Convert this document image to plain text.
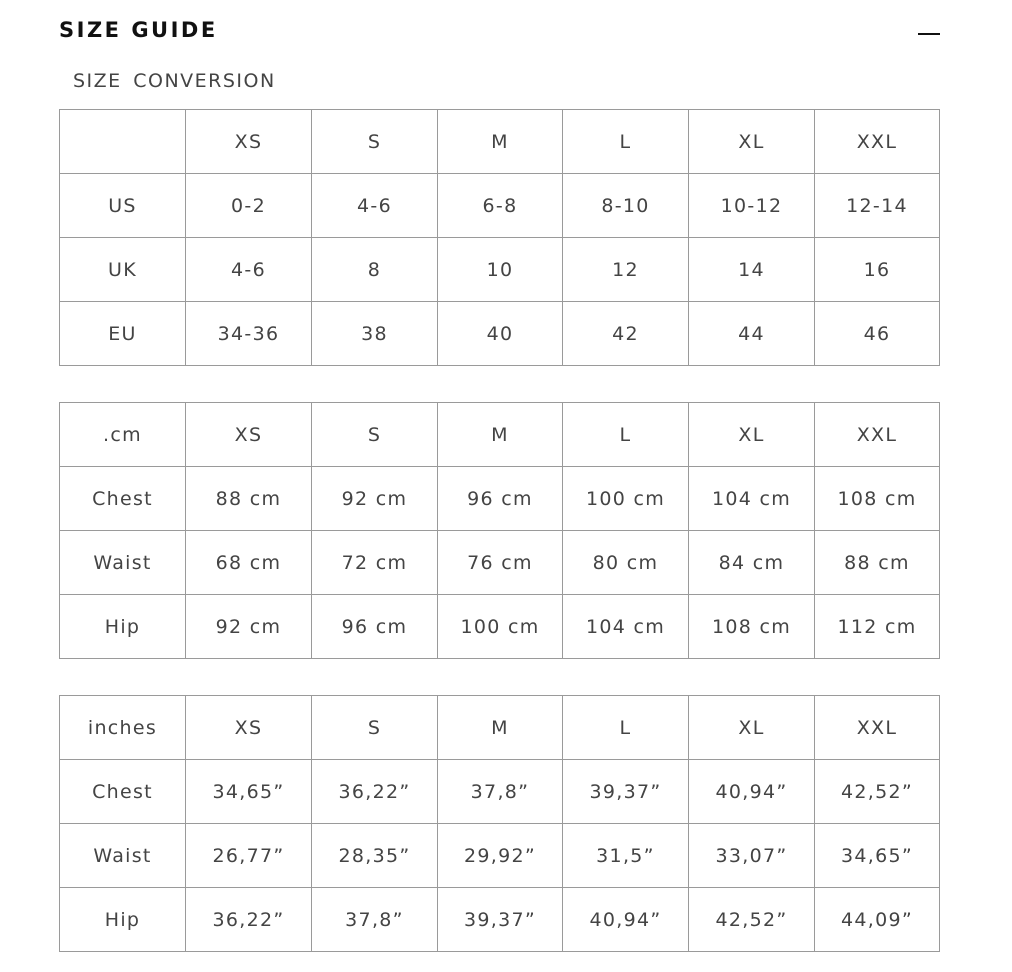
SIZE GUIDE
SIZE CONVERSION
	XS	S	M	L	XL	XXL
US	0-2	4-6	6-8	8-10	10-12	12-14
UK	4-6	8	10	12	14	16
EU	34-36	38	40	42	44	46
.cm	XS	S	M	L	XL	XXL
Chest	88 cm	92 cm	96 cm	100 cm	104 cm	108 cm
Waist	68 cm	72 cm	76 cm	80 cm	84 cm	88 cm
Hip	92 cm	96 cm	100 cm	104 cm	108 cm	112 cm
inches	XS	S	M	L	XL	XXL
Chest	34,65”	36,22”	37,8”	39,37”	40,94”	42,52”
Waist	26,77”	28,35”	29,92”	31,5”	33,07”	34,65”
Hip	36,22”	37,8”	39,37”	40,94”	42,52”	44,09”
